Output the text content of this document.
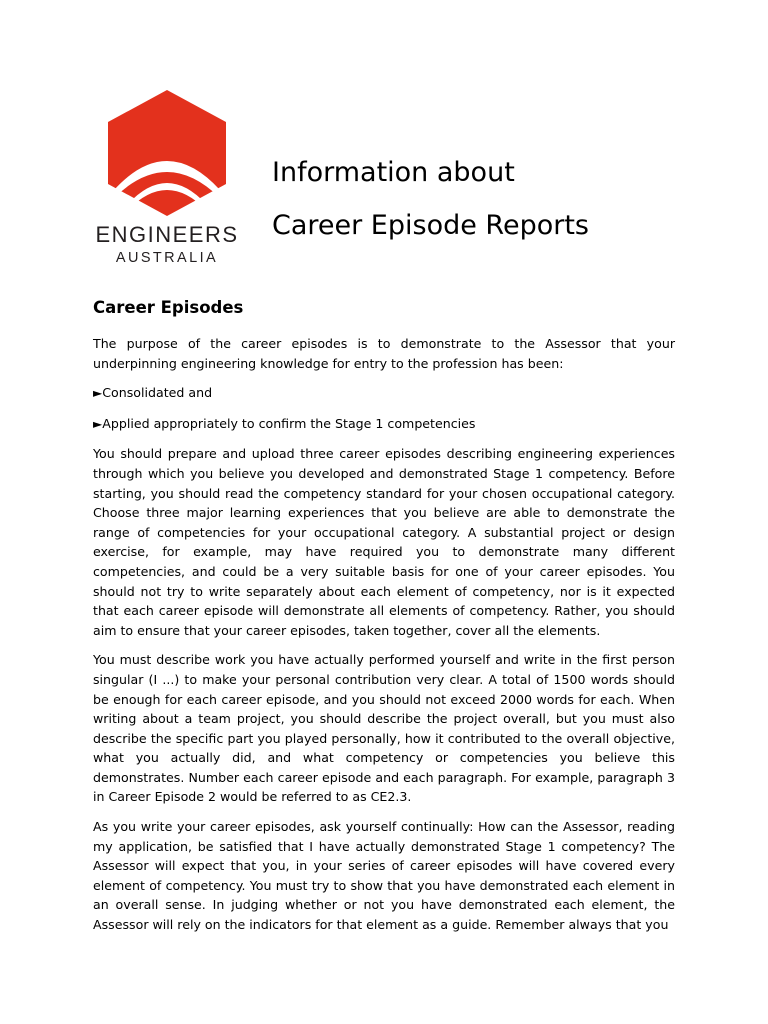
ENGINEERS
AUSTRALIA
Information about
Career Episode Reports
Career Episodes

The purpose of the career episodes is to demonstrate to the Assessor that your underpinning engineering knowledge for entry to the profession has been:

►Consolidated and
►Applied appropriately to confirm the Stage 1 competencies

You should prepare and upload three career episodes describing engineering experiences through which you believe you developed and demonstrated Stage 1 competency. Before starting, you should read the competency standard for your chosen occupational category. Choose three major learning experiences that you believe are able to demonstrate the range of competencies for your occupational category. A substantial project or design exercise, for example, may have required you to demonstrate many different competencies, and could be a very suitable basis for one of your career episodes. You should not try to write separately about each element of competency, nor is it expected that each career episode will demonstrate all elements of competency. Rather, you should aim to ensure that your career episodes, taken together, cover all the elements.

You must describe work you have actually performed yourself and write in the first person singular (I ...) to make your personal contribution very clear. A total of 1500 words should be enough for each career episode, and you should not exceed 2000 words for each. When writing about a team project, you should describe the project overall, but you must also describe the specific part you played personally, how it contributed to the overall objective, what you actually did, and what competency or competencies you believe this demonstrates. Number each career episode and each paragraph. For example, paragraph 3 in Career Episode 2 would be referred to as CE2.3.

As you write your career episodes, ask yourself continually: How can the Assessor, reading my application, be satisfied that I have actually demonstrated Stage 1 competency? The Assessor will expect that you, in your series of career episodes will have covered every element of competency. You must try to show that you have demonstrated each element in an overall sense. In judging whether or not you have demonstrated each element, the Assessor will rely on the indicators for that element as a guide. Remember always that you
